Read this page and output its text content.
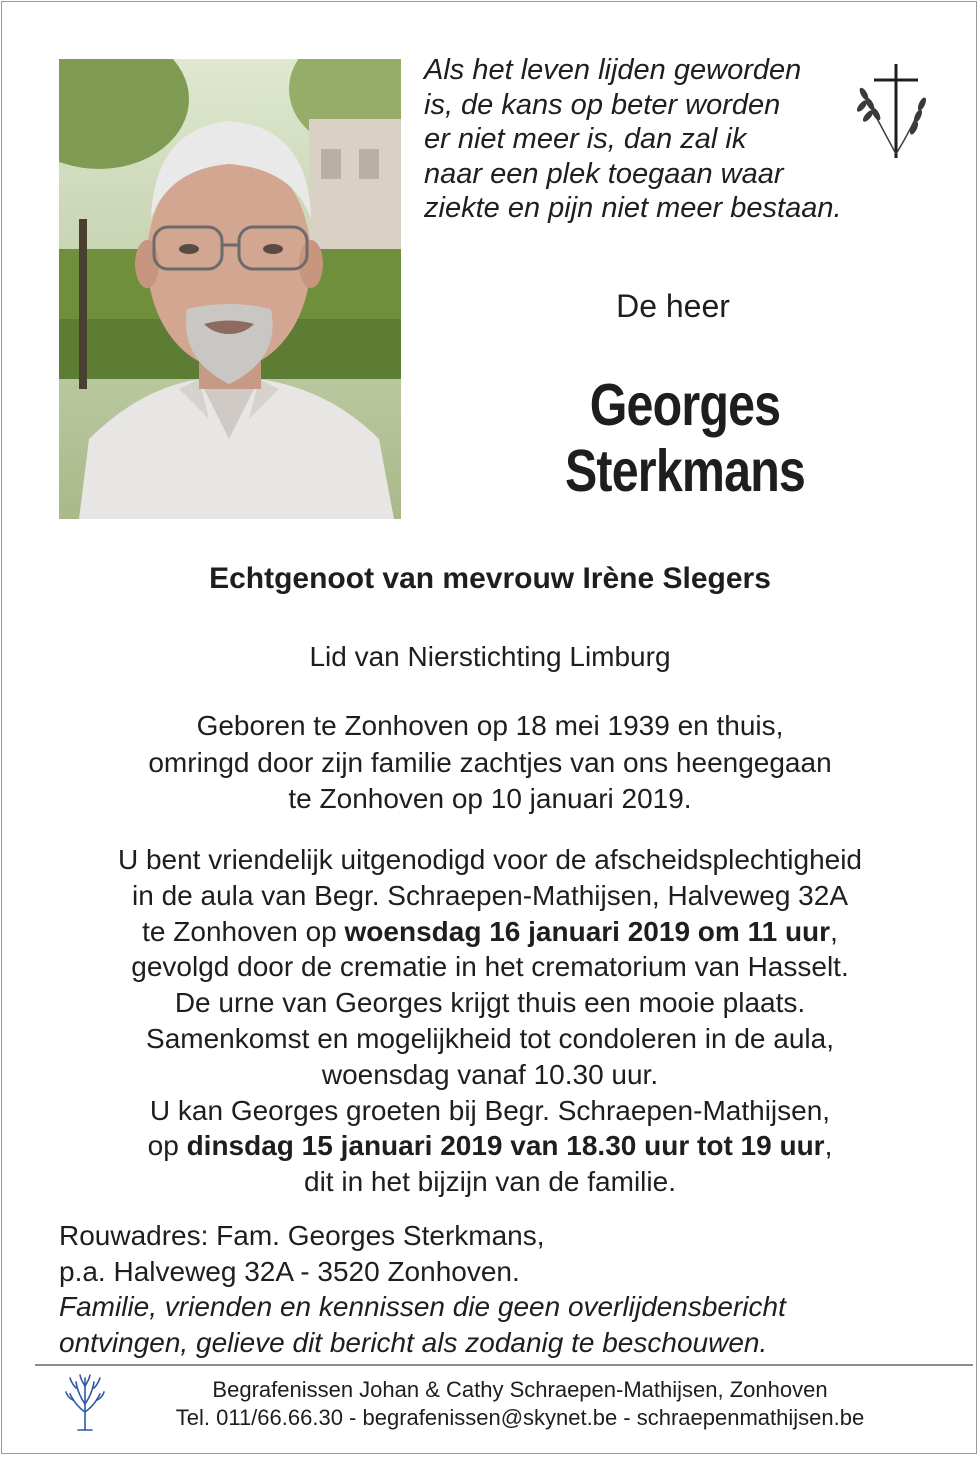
Als het leven lijden geworden
is, de kans op beter worden
er niet meer is, dan zal ik
naar een plek toegaan waar
ziekte en pijn niet meer bestaan.
De heer
Georges
Sterkmans
Echtgenoot van mevrouw Irène Slegers
Lid van Nierstichting Limburg
Geboren te Zonhoven op 18 mei 1939 en thuis,
omringd door zijn familie zachtjes van ons heengegaan
te Zonhoven op 10 januari 2019.
U bent vriendelijk uitgenodigd voor de afscheidsplechtigheid
in de aula van Begr. Schraepen-Mathijsen, Halveweg 32A
te Zonhoven op woensdag 16 januari 2019 om 11 uur,
gevolgd door de crematie in het crematorium van Hasselt.
De urne van Georges krijgt thuis een mooie plaats.
Samenkomst en mogelijkheid tot condoleren in de aula,
woensdag vanaf 10.30 uur.
U kan Georges groeten bij Begr. Schraepen-Mathijsen,
op dinsdag 15 januari 2019 van 18.30 uur tot 19 uur,
dit in het bijzijn van de familie.
Rouwadres: Fam. Georges Sterkmans,
p.a. Halveweg 32A - 3520 Zonhoven.
Familie, vrienden en kennissen die geen overlijdensbericht
ontvingen, gelieve dit bericht als zodanig te beschouwen.
Begrafenissen Johan & Cathy Schraepen-Mathijsen, Zonhoven
Tel. 011/66.66.30 - begrafenissen@skynet.be - schraepenmathijsen.be
